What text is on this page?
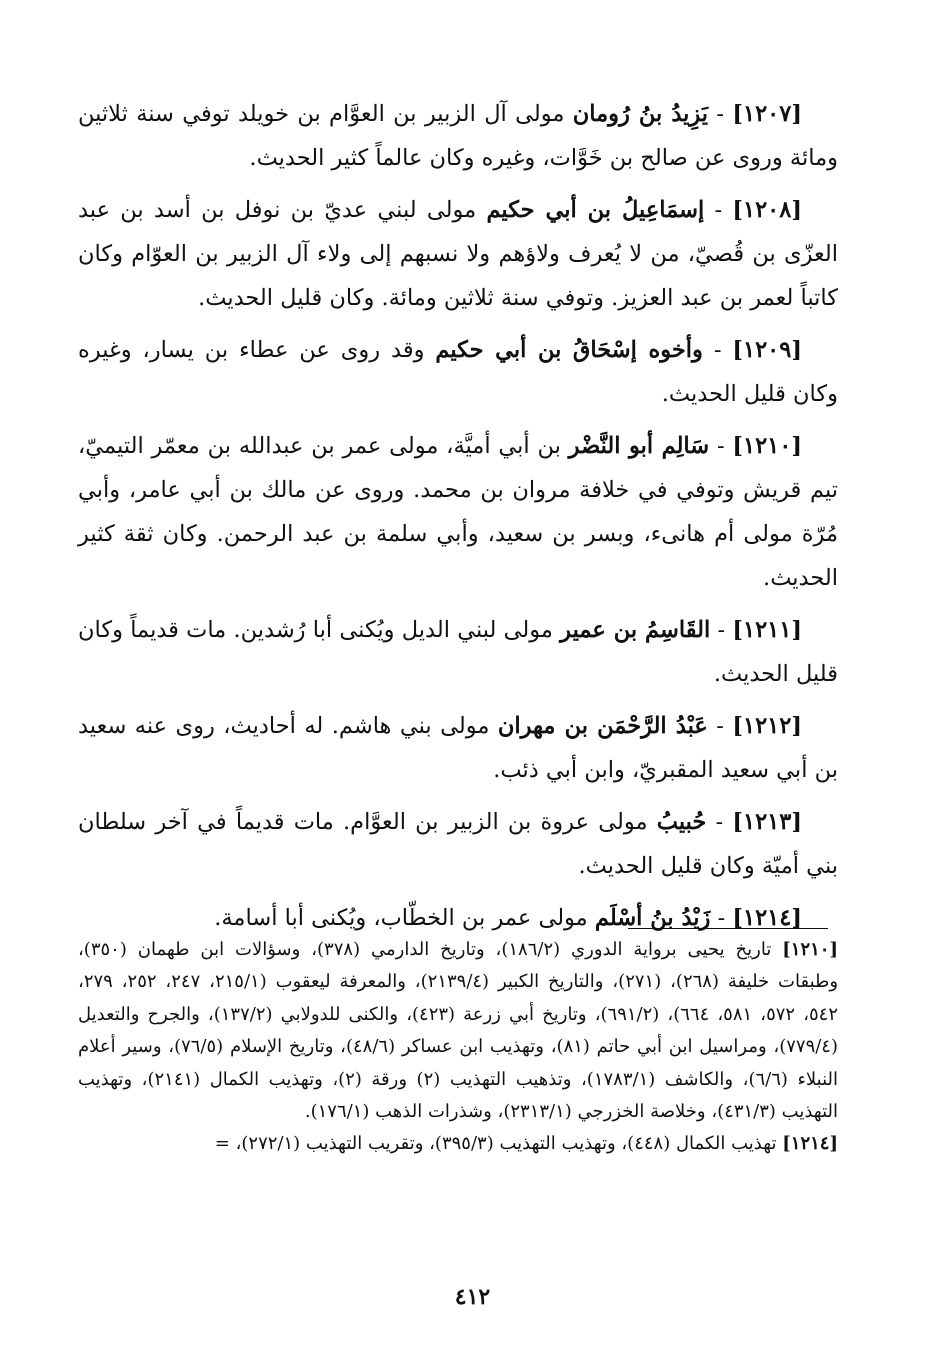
[١٢٠٧] - يَزِيدُ بنُ رُومان مولى آل الزبير بن العوَّام بن خويلد توفي سنة ثلاثين ومائة وروى عن صالح بن خَوَّات، وغيره وكان عالماً كثير الحديث.

[١٢٠٨] - إسمَاعِيلُ بن أبي حكيم مولى لبني عديّ بن نوفل بن أسد بن عبد العزّى بن قُصيّ، من لا يُعرف ولاؤهم ولا نسبهم إلى ولاء آل الزبير بن العوّام وكان كاتباً لعمر بن عبد العزيز. وتوفي سنة ثلاثين ومائة. وكان قليل الحديث.

[١٢٠٩] - وأخوه إسْحَاقُ بن أبي حكيم وقد روى عن عطاء بن يسار، وغيره وكان قليل الحديث.

[١٢١٠] - سَالِم أبو النَّضْر بن أبي أميَّة، مولى عمر بن عبدالله بن معمّر التيميّ، تيم قريش وتوفي في خلافة مروان بن محمد. وروى عن مالك بن أبي عامر، وأبي مُرّة مولى أم هانىء، وبسر بن سعيد، وأبي سلمة بن عبد الرحمن. وكان ثقة كثير الحديث.

[١٢١١] - القَاسِمُ بن عمير مولى لبني الديل ويُكنى أبا رُشدين. مات قديماً وكان قليل الحديث.

[١٢١٢] - عَبْدُ الرَّحْمَن بن مهران مولى بني هاشم. له أحاديث، روى عنه سعيد بن أبي سعيد المقبريّ، وابن أبي ذئب.

[١٢١٣] - حُبيبُ مولى عروة بن الزبير بن العوَّام. مات قديماً في آخر سلطان بني أميّة وكان قليل الحديث.

[١٢١٤] - زَيْدُ بنُ أسْلَم مولى عمر بن الخطّاب، ويُكنى أبا أسامة.

[١٢١٠] تاريخ يحيى برواية الدوري (١٨٦/٢)، وتاريخ الدارمي (٣٧٨)، وسؤالات ابن طهمان (٣٥٠)، وطبقات خليفة (٢٦٨)، (٢٧١)، والتاريخ الكبير (٢١٣٩/٤)، والمعرفة ليعقوب (٢١٥/١، ٢٤٧، ٢٥٢، ٢٧٩، ٥٤٢، ٥٧٢، ٥٨١، ٦٦٤)، (٦٩١/٢)، وتاريخ أبي زرعة (٤٢٣)، والكنى للدولابي (١٣٧/٢)، والجرح والتعديل (٧٧٩/٤)، ومراسيل ابن أبي حاتم (٨١)، وتهذيب ابن عساكر (٤٨/٦)، وتاريخ الإسلام (٧٦/٥)، وسير أعلام النبلاء (٦/٦)، والكاشف (١٧٨٣/١)، وتذهيب التهذيب (٢) ورقة (٢)، وتهذيب الكمال (٢١٤١)، وتهذيب التهذيب (٤٣١/٣)، وخلاصة الخزرجي (٢٣١٣/١)، وشذرات الذهب (١٧٦/١).

[١٢١٤] تهذيب الكمال (٤٤٨)، وتهذيب التهذيب (٣٩٥/٣)، وتقريب التهذيب (٢٧٢/١)، =

٤١٢
